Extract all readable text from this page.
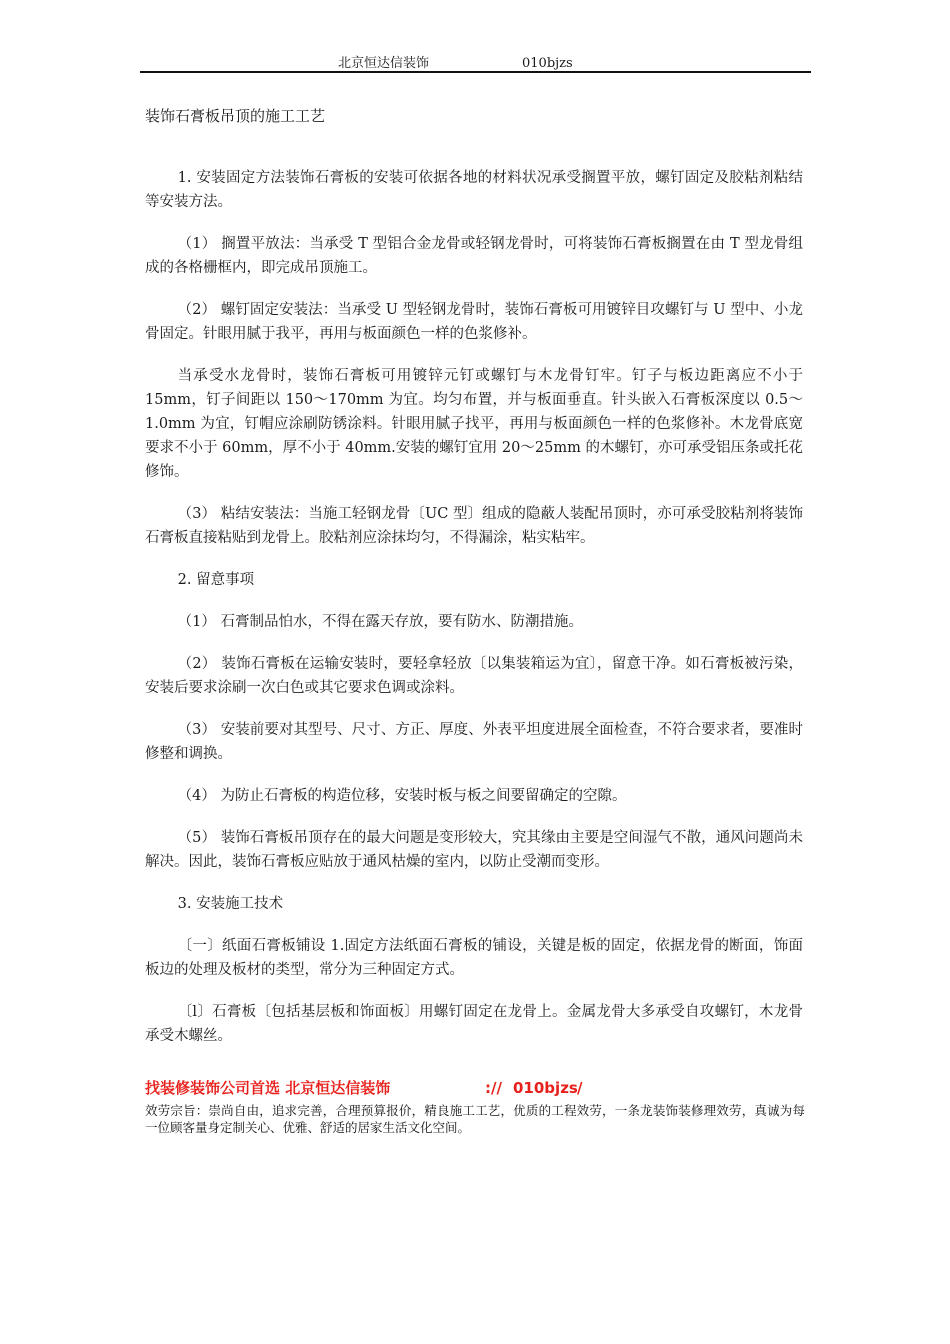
北京恒达信装饰	010bjzs
装饰石膏板吊顶的施工工艺

1. 安装固定方法装饰石膏板的安装可依据各地的材料状况承受搁置平放，螺钉固定及胶粘剂粘结等安装方法。

（1） 搁置平放法：当承受 T 型铝合金龙骨或轻钢龙骨时，可将装饰石膏板搁置在由 T 型龙骨组成的各格栅框内，即完成吊顶施工。

（2） 螺钉固定安装法：当承受 U 型轻钢龙骨时，装饰石膏板可用镀锌目攻螺钉与 U 型中、小龙骨固定。针眼用腻于我平，再用与板面颜色一样的色浆修补。

当承受水龙骨时，装饰石膏板可用镀锌元钉或螺钉与木龙骨钉牢。钉子与板边距离应不小于 15mm，钉子间距以 150～170mm 为宜。均匀布置，并与板面垂直。针头嵌入石膏板深度以 0.5～1.0mm 为宜，钉帽应涂刷防锈涂料。针眼用腻子找平，再用与板面颜色一样的色浆修补。木龙骨底宽要求不小于 60mm，厚不小于 40mm.安装的螺钉宜用 20～25mm 的木螺钉，亦可承受铝压条或托花修饰。

（3） 粘结安装法：当施工轻钢龙骨〔UC 型〕组成的隐蔽人装配吊顶时，亦可承受胶粘剂将装饰石膏板直接粘贴到龙骨上。胶粘剂应涂抹均匀，不得漏涂，粘实粘牢。

2. 留意事项

（1） 石膏制品怕水，不得在露天存放，要有防水、防潮措施。

（2） 装饰石膏板在运输安装时，要轻拿轻放〔以集装箱运为宜〕，留意干净。如石膏板被污染，安装后要求涂刷一次白色或其它要求色调或涂料。

（3） 安装前要对其型号、尺寸、方正、厚度、外表平坦度进展全面检查，不符合要求者，要准时修整和调换。

（4） 为防止石膏板的构造位移，安装时板与板之间要留确定的空隙。

（5） 装饰石膏板吊顶存在的最大问题是变形较大，究其缘由主要是空间湿气不散，通风问题尚未解决。因此，装饰石膏板应贴放于通风枯燥的室内，以防止受潮而变形。

3. 安装施工技术

〔一〕纸面石膏板铺设 1.固定方法纸面石膏板的铺设，关键是板的固定，依据龙骨的断面，饰面板边的处理及板材的类型，常分为三种固定方式。

〔l〕石膏板〔包括基层板和饰面板〕用螺钉固定在龙骨上。金属龙骨大多承受自攻螺钉，木龙骨承受木螺丝。

找装修装饰公司首选 北京恒达信装饰	:// 010bjzs /
效劳宗旨：崇尚自由，追求完善，合理预算报价，精良施工工艺，优质的工程效劳，一条龙装饰装修理效劳，真诚为每一位顾客量身定制关心、优雅、舒适的居家生活文化空间。
